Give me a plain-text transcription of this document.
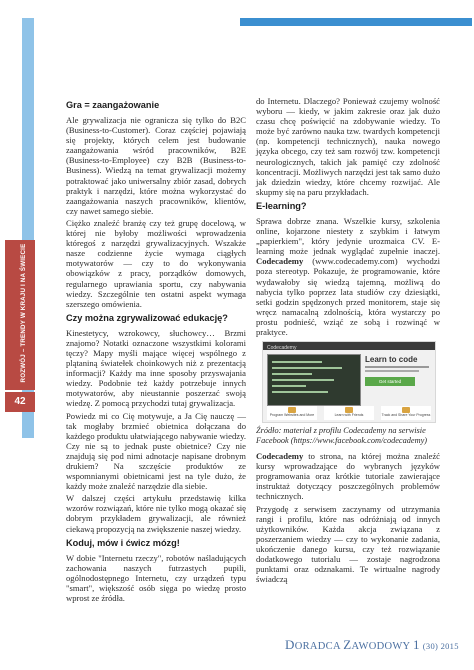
ROZWÓJ – TRENDY W KRAJU I NA ŚWIECIE
42
Gra = zaangażowanie

Ale grywalizacja nie ogranicza się tylko do B2C (Business-to-Customer). Coraz częściej pojawiają się projekty, których celem jest budowanie zaangażowania wśród pracowników, B2E (Business-to-Employee) czy B2B (Business-to-Business). Wiedzą na temat grywalizacji możemy potraktować jako uniwersalny zbiór zasad, dobrych praktyk i narzędzi, które można wykorzystać do zaangażowania naszych pracowników, klientów, czy nawet samego siebie.

Ciężko znaleźć branżę czy też grupę docelową, w której nie byłoby możliwości wprowadzenia któregoś z narzędzi grywalizacyjnych. Wszakże nasze codzienne życie wymaga ciągłych motywatorów — czy to do wykonywania obowiązków z pracy, porządków domowych, regularnego uprawiania sportu, czy nabywania wiedzy. Szczególnie ten ostatni aspekt wymaga szerszego omówienia.

Czy można zgrywalizować edukację?

Kinestetycy, wzrokowcy, słuchowcy… Brzmi znajomo? Notatki oznaczone wszystkimi kolorami tęczy? Mapy myśli mające więcej wspólnego z plątaniną światełek choinkowych niż z prezentacją informacji? Każdy ma inne sposoby przyswajania wiedzy. Podobnie też każdy potrzebuje innych motywatorów, aby nieustannie poszerzać swoją wiedzę. Z pomocą przychodzi tutaj grywalizacja.

Powiedz mi co Cię motywuje, a Ja Cię nauczę — tak mogłaby brzmieć obietnica dołączana do każdego produktu ułatwiającego nabywanie wiedzy. Czy nie są to jednak puste obietnice? Czy nie znajdują się pod nimi adnotacje napisane drobnym drukiem? Na szczęście produktów ze wspomnianymi obietnicami jest na tyle dużo, że każdy może znaleźć narzędzie dla siebie.

W dalszej części artykułu przedstawię kilka wzorów rozwiązań, które nie tylko mogą okazać się dobrym przykładem grywalizacji, ale również ciekawą propozycją na zwiększenie naszej wiedzy.

Koduj, mów i ćwicz mózg!

W dobie "Internetu rzeczy", robotów naśladujących zachowania naszych futrzastych pupili, ogólnodostępnego Internetu, czy urządzeń typu "smart", większość osób sięga po wiedzę prosto wprost ze źródła.

do Internetu. Dlaczego? Ponieważ czujemy wolność wyboru — kiedy, w jakim zakresie oraz jak dużo czasu chcę poświęcić na zdobywanie wiedzy. To może być zarówno nauka tzw. twardych kompetencji (np. kompetencji technicznych), nauka nowego języka obcego, czy też sam rozwój tzw. kompetencji neurologicznych, takich jak pamięć czy zdolność koncentracji. Możliwych narzędzi jest tak samo dużo jak dziedzin wiedzy, które chcemy rozwijać. Ale skupmy się na paru przykładach.

E-learning?

Sprawa dobrze znana. Wszelkie kursy, szkolenia online, kojarzone niestety z szybkim i łatwym „papierkiem", który jedynie urozmaica CV. E-learning może jednak wyglądać zupełnie inaczej. Codecademy (www.codecademy.com) wychodzi poza stereotyp. Pokazuje, że programowanie, które wydawałoby się wiedzą tajemną, możliwą do nabycia tylko poprzez lata studiów czy dziesiątki, setki godzin spędzonych przed monitorem, staje się wręcz namacalną zdolnością, która wystarczy po prostu podnieść, wziąć ze sobą i rozwinąć w praktyce.

Codecademy
Learn to code
Get started
Program Websites and More	Learn with Friends	Track and Share Your Progress

Źródło: materiał z profilu Codecademy na serwisie Facebook (https://www.facebook.com/codecademy)

Codecademy to strona, na której można znaleźć kursy wprowadzające do wybranych języków programowania oraz krótkie tutoriale zawierające instruktaż dotyczący poszczególnych problemów technicznych.

Przygodę z serwisem zaczynamy od utrzymania rangi i profilu, które nas odróżniają od innych użytkowników. Każda akcja związana z poszerzaniem wiedzy — czy to wykonanie zadania, ukończenie danego kursu, czy też rozwiązanie dodatkowego tutorialu — zostaje nagrodzona punktami oraz odznakami. Te wirtualne nagrody świadczą

DORADCA ZAWODOWY 1 (30) 2015
